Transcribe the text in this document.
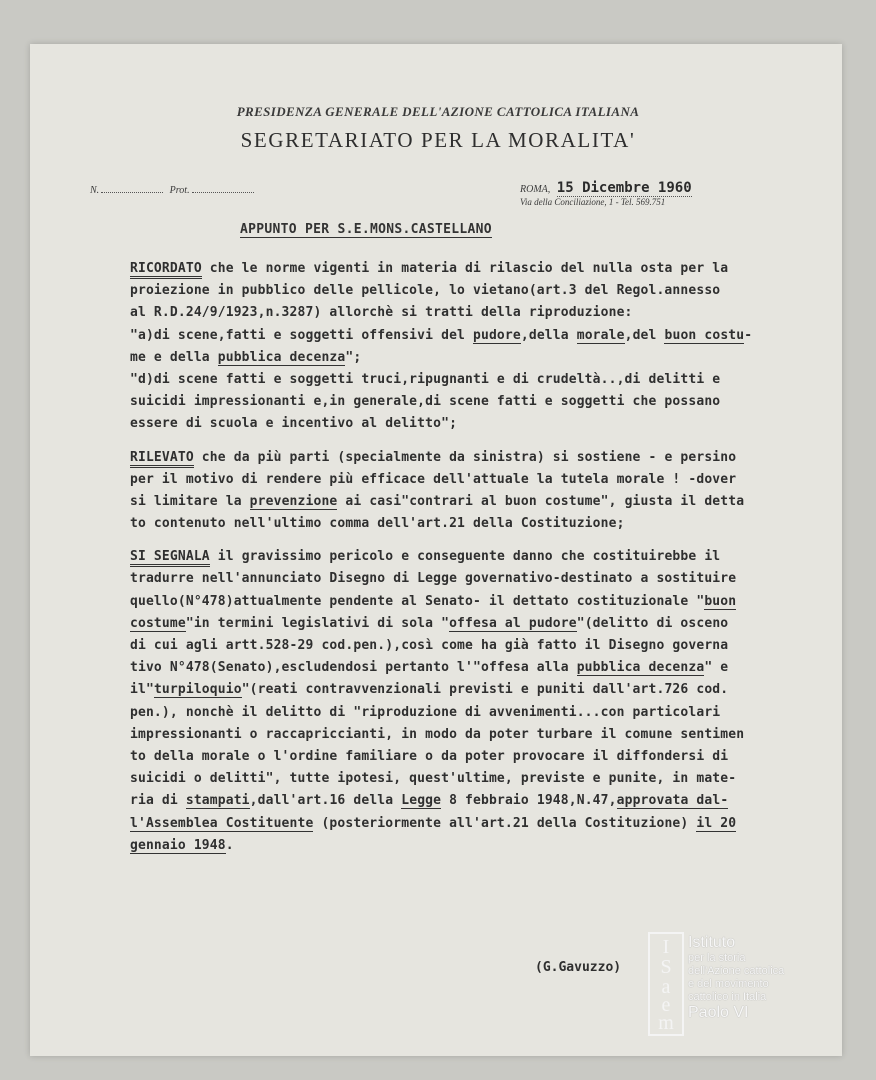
PRESIDENZA GENERALE DELL'AZIONE CATTOLICA ITALIANA
SEGRETARIATO PER LA MORALITA'
N.	Prot.	ROMA, 15 Dicembre 1960
Via della Conciliazione, 1 - Tel. 569.751
APPUNTO PER S.E.MONS.CASTELLANO
RICORDATO che le norme vigenti in materia di rilascio del nulla osta per la
proiezione in pubblico delle pellicole, lo vietano(art.3 del Regol.annesso
al R.D.24/9/1923,n.3287) allorchè si tratti della riproduzione:
"a)di scene,fatti e soggetti offensivi del pudore,della morale,del buon costu-
me e della pubblica decenza";
"d)di scene fatti e soggetti truci,ripugnanti e di crudeltà..,di delitti e
suicidi impressionanti e,in generale,di scene fatti e soggetti che possano
essere di scuola e incentivo al delitto";
RILEVATO che da più parti (specialmente da sinistra) si sostiene - e persino
per il motivo di rendere più efficace dell'attuale la tutela morale ! -dover
si limitare la prevenzione ai casi"contrari al buon costume", giusta il detta
to contenuto nell'ultimo comma dell'art.21 della Costituzione;
SI SEGNALA il gravissimo pericolo e conseguente danno che costituirebbe il
tradurre nell'annunciato Disegno di Legge governativo-destinato a sostituire
quello(N°478)attualmente pendente al Senato- il dettato costituzionale "buon
costume"in termini legislativi di sola "offesa al pudore"(delitto di osceno
di cui agli artt.528-29 cod.pen.),così come ha già fatto il Disegno governa
tivo N°478(Senato),escludendosi pertanto l'"offesa alla pubblica decenza" e
il"turpiloquio"(reati contravvenzionali previsti e puniti dall'art.726 cod.
pen.), nonchè il delitto di "riproduzione di avvenimenti...con particolari
impressionanti o raccapriccianti, in modo da poter turbare il comune sentimen
to della morale o l'ordine familiare o da poter provocare il diffondersi di
suicidi o delitti", tutte ipotesi, quest'ultime, previste e punite, in mate-
ria di stampati,dall'art.16 della Legge 8 febbraio 1948,N.47,approvata dal-
l'Assemblea Costituente (posteriormente all'art.21 della Costituzione) il 20
gennaio 1948.
(G.Gavuzzo)
I
S
a
e
m
Istituto
per la storia
dell'Azione cattolica
e del movimento
cattolico in Italia
Paolo VI
